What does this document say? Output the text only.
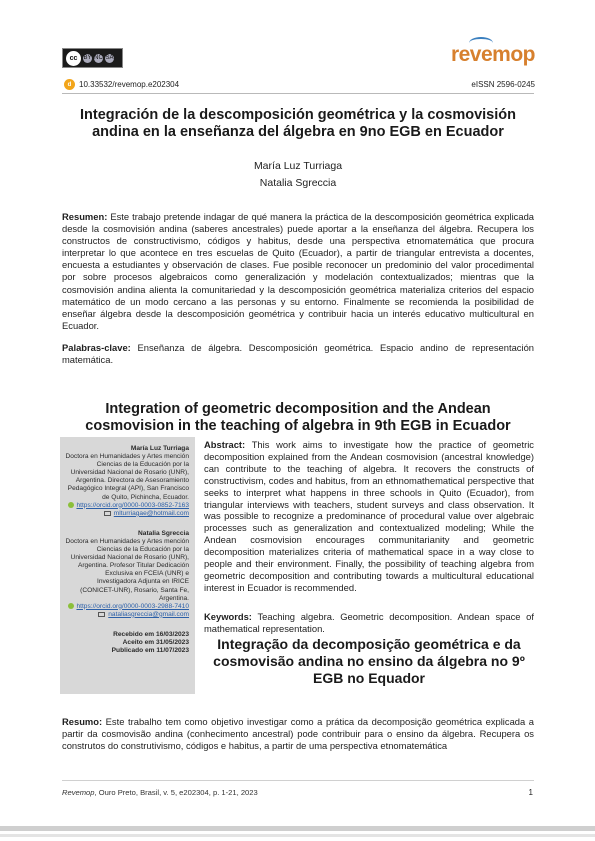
cc	BY NC SA	revemop
d 10.33532/revemop.e202304	eISSN 2596-0245
Integración de la descomposición geométrica y la cosmovisión
andina en la enseñanza del álgebra en 9no EGB en Ecuador
María Luz Turriaga
Natalia Sgreccia
Resumen: Este trabajo pretende indagar de qué manera la práctica de la descomposición geométrica explicada desde la cosmovisión andina (saberes ancestrales) puede aportar a la enseñanza del álgebra. Recupera los constructos de constructivismo, códigos y habitus, desde una perspectiva etnomatemática que procura interpretar lo que acontece en tres escuelas de Quito (Ecuador), a partir de triangular entrevista a docentes, encuesta a estudiantes y observación de clases. Fue posible reconocer un predominio del valor procedimental por sobre procesos algebraicos como generalización y modelación contextualizados; mientras que la cosmovisión andina alienta la comunitariedad y la descomposición geométrica materializa criterios del espacio matemático de un modo cercano a las personas y su entorno. Finalmente se recomienda la posibilidad de enseñar álgebra desde la descomposición geométrica y contribuir hacia un interés educativo multicultural en Ecuador.
Palabras-clave: Enseñanza de álgebra. Descomposición geométrica. Espacio andino de representación matemática.
Integration of geometric decomposition and the Andean
cosmovision in the teaching of algebra in 9th EGB in Ecuador
María Luz Turriaga
Doctora en Humanidades y Artes mención Ciencias de la Educación por la Universidad Nacional de Rosario (UNR), Argentina. Directora de Asesoramiento Pedagógico Integral (API), San Francisco de Quito, Pichincha, Ecuador.
https://orcid.org/0000-0003-0852-7163
mlturriagae@hotmail.com
Natalia Sgreccia
Doctora en Humanidades y Artes mención Ciencias de la Educación por la Universidad Nacional de Rosario (UNR), Argentina. Profesor Titular Dedicación Exclusiva en FCEIA (UNR) e Investigadora Adjunta en IRICE (CONICET-UNR), Rosario, Santa Fe, Argentina.
https://orcid.org/0000-0003-2988-7410
nataliasgreccia@gmail.com
Recebido em 16/03/2023
Aceito em 31/05/2023
Publicado em 11/07/2023
Abstract: This work aims to investigate how the practice of geometric decomposition explained from the Andean cosmovision (ancestral knowledge) can contribute to the teaching of algebra. It recovers the constructs of constructivism, codes and habitus, from an ethnomathematical perspective that seeks to interpret what happens in three schools in Quito (Ecuador), from triangular interviews with teachers, student surveys and class observation. It was possible to recognize a predominance of procedural value over algebraic processes such as generalization and contextualized modeling; While the Andean cosmovision encourages communitarianity and geometric decomposition materializes criteria of mathematical space in a way close to people and their environment. Finally, the possibility of teaching algebra from geometric decomposition and contributing towards a multicultural educational interest in Ecuador is recommended.
Keywords: Teaching algebra. Geometric decomposition. Andean space of mathematical representation.
Integração da decomposição geométrica e da
cosmovisão andina no ensino da álgebra no 9º
EGB no Equador
Resumo: Este trabalho tem como objetivo investigar como a prática da decomposição geométrica explicada a partir da cosmovisão andina (conhecimento ancestral) pode contribuir para o ensino da álgebra. Recupera os construtos do construtivismo, códigos e habitus, a partir de uma perspectiva etnomatemática
Revemop, Ouro Preto, Brasil, v. 5, e202304, p. 1-21, 2023	1
